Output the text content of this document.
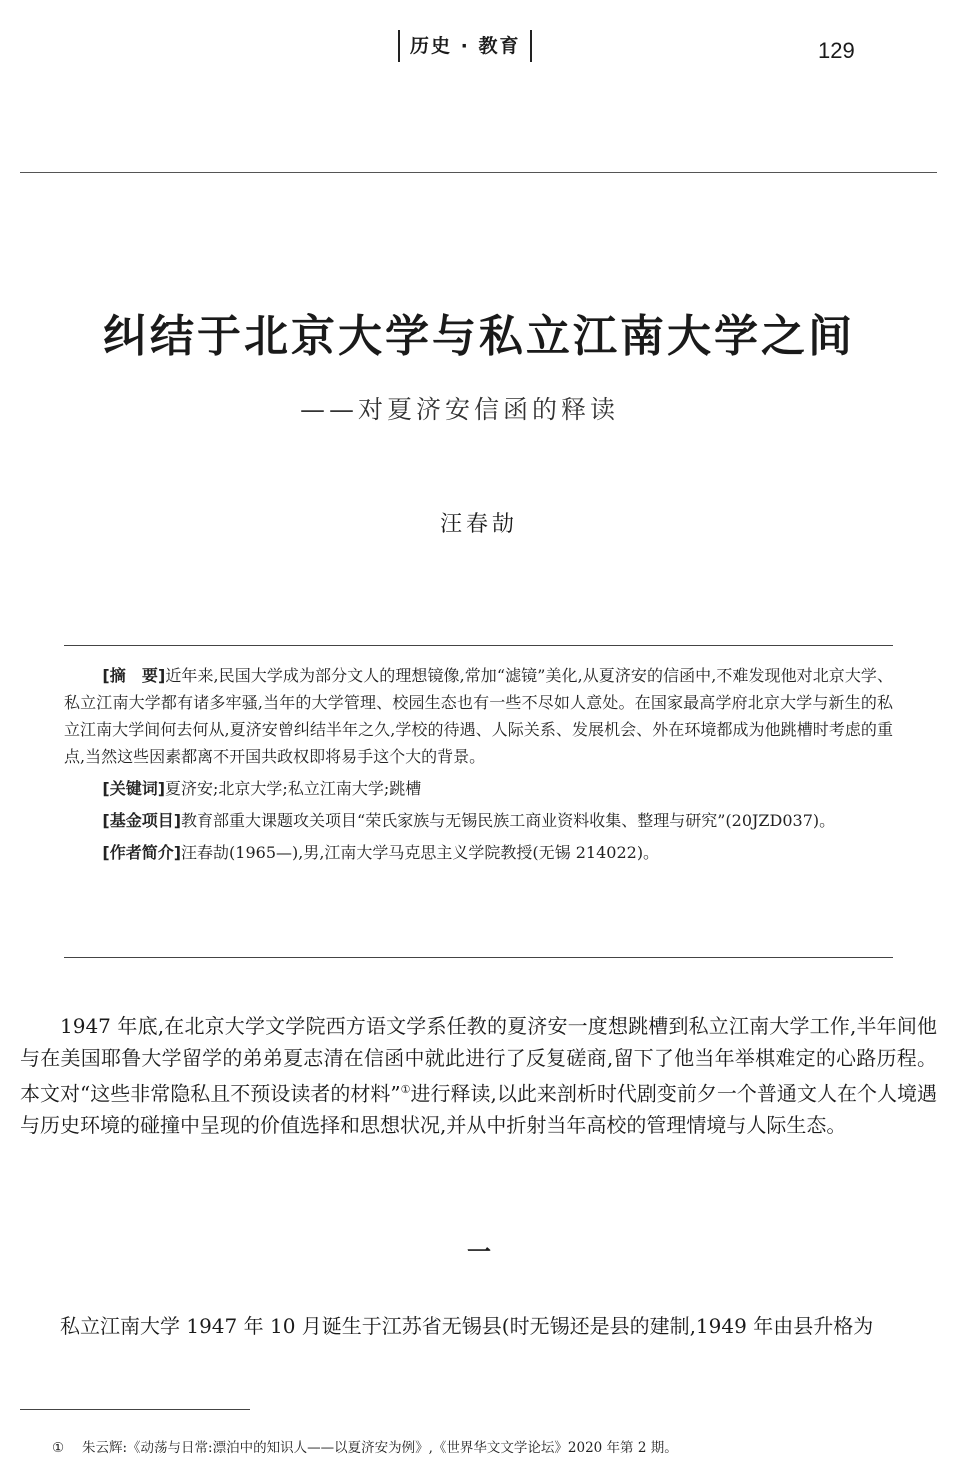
历史 · 教育	129
纠结于北京大学与私立江南大学之间
——对夏济安信函的释读
汪春劼

[摘　要]近年来,民国大学成为部分文人的理想镜像,常加“滤镜”美化,从夏济安的信函中,不难发现他对北京大学、私立江南大学都有诸多牢骚,当年的大学管理、校园生态也有一些不尽如人意处。在国家最高学府北京大学与新生的私立江南大学间何去何从,夏济安曾纠结半年之久,学校的待遇、人际关系、发展机会、外在环境都成为他跳槽时考虑的重点,当然这些因素都离不开国共政权即将易手这个大的背景。

[关键词]夏济安;北京大学;私立江南大学;跳槽

[基金项目]教育部重大课题攻关项目“荣氏家族与无锡民族工商业资料收集、整理与研究”(20JZD037)。

[作者简介]汪春劼(1965—),男,江南大学马克思主义学院教授(无锡 214022)。

1947 年底,在北京大学文学院西方语文学系任教的夏济安一度想跳槽到私立江南大学工作,半年间他与在美国耶鲁大学留学的弟弟夏志清在信函中就此进行了反复磋商,留下了他当年举棋难定的心路历程。本文对“这些非常隐私且不预设读者的材料”①进行释读,以此来剖析时代剧变前夕一个普通文人在个人境遇与历史环境的碰撞中呈现的价值选择和思想状况,并从中折射当年高校的管理情境与人际生态。

一

私立江南大学 1947 年 10 月诞生于江苏省无锡县(时无锡还是县的建制,1949 年由县升格为

① 朱云辉:《动荡与日常:漂泊中的知识人——以夏济安为例》,《世界华文文学论坛》2020 年第 2 期。
